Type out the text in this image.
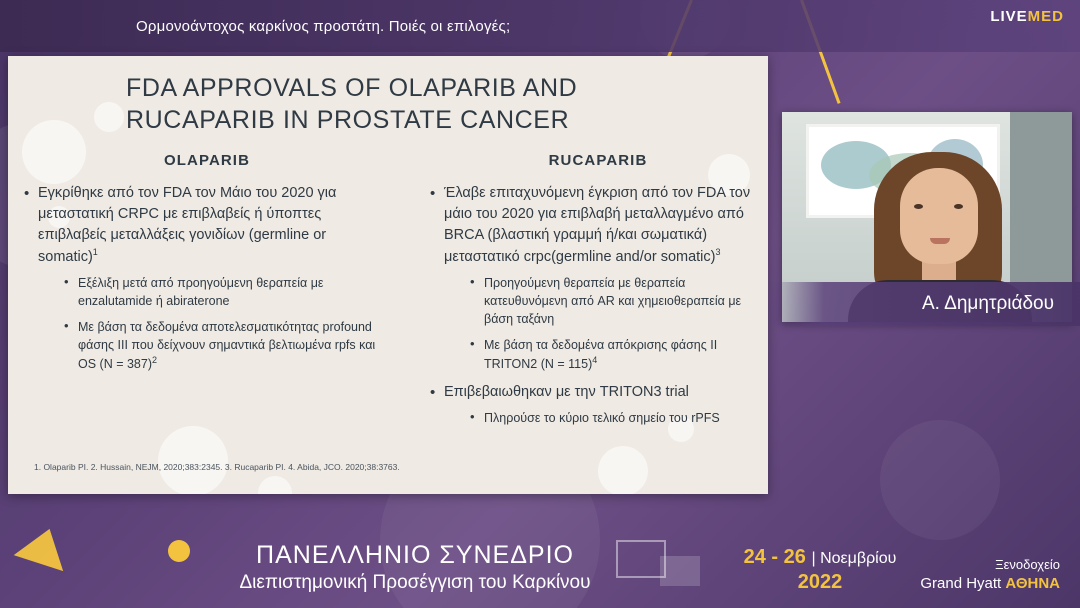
Ορμονοάντοχος καρκίνος προστάτη. Ποιές οι επιλογές;
LIVEMED
FDA APPROVALS OF OLAPARIB AND
RUCAPARIB IN PROSTATE CANCER
OLAPARIB
• Εγκρίθηκε από τον FDA τον Μάιο του 2020 για μεταστατική CRPC με επιβλαβείς ή ύποπτες επιβλαβείς μεταλλάξεις γονιδίων (germline or somatic)$^1$
• Εξέλιξη μετά από προηγούμενη θεραπεία με enzalutamide ή abiraterone
• Με βάση τα δεδομένα αποτελεσματικότητας profound φάσης ΙΙΙ που δείχνουν σημαντικά βελτιωμένα rpfs και OS (N = 387)$^2$
RUCAPARIB
• Έλαβε επιταχυνόμενη έγκριση από τον FDA τον μάιο του 2020 για επιβλαβή μεταλλαγμένο από BRCA (βλαστική γραμμή ή/και σωματικά) μεταστατικό crpc(germline and/or somatic)$^3$
• Προηγούμενη θεραπεία με θεραπεία κατευθυνόμενη από AR και χημειοθεραπεία με βάση ταξάνη
• Με βάση τα δεδομένα απόκρισης φάσης ΙΙ TRITON2 (N = 115)$^4$
• Επιβεβαιωθηκαν με την TRITON3 trial
• Πληρούσε το κύριο τελικό σημείο του rPFS
1. Olaparib PI. 2. Hussain, NEJM, 2020;383:2345. 3. Rucaparib PI. 4. Abida, JCO. 2020;38:3763.
Α. Δημητριάδου
ΠΑΝΕΛΛΗΝΙΟ ΣΥΝΕΔΡΙΟ
Διεπιστημονική Προσέγγιση του Καρκίνου
24 - 26 | Νοεμβρίου
2022
Ξενοδοχείο
Grand Hyatt ΑΘΗΝΑ
